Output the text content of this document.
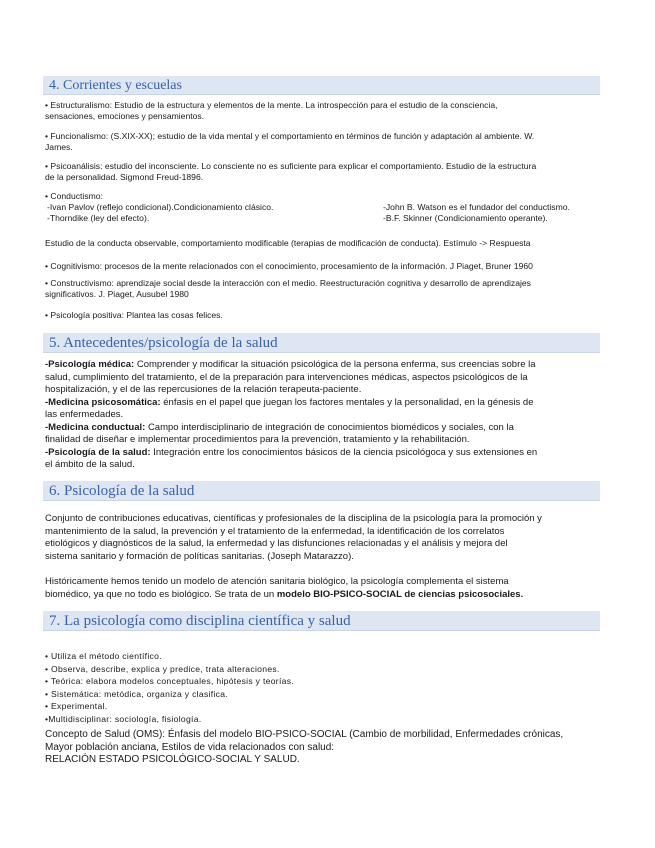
4. Corrientes y escuelas
• Estructuralismo: Estudio de la estructura y elementos de la mente. La introspección para el estudio de la consciencia,
sensaciones, emociones y pensamientos.
• Funcionalismo: (S.XIX-XX); estudio de la vida mental y el comportamiento en términos de función y adaptación al ambiente. W.
James.
• Psicoanálisis: estudio del inconsciente. Lo consciente no es suficiente para explicar el comportamiento. Estudio de la estructura
de la personalidad. Sigmond Freud-1896.
• Conductismo:
-Ivan Pavlov (reflejo condicional).Condicionamiento clásico.
-Thorndike (ley del efecto).
-John B. Watson es el fundador del conductismo.
-B.F. Skinner (Condicionamiento operante).
Estudio de la conducta observable, comportamiento modificable (terapias de modificación de conducta). Estímulo -> Respuesta
• Cognitivismo: procesos de la mente relacionados con el conocimiento, procesamiento de la información. J Piaget, Bruner 1960
• Constructivismo: aprendizaje social desde la interacción con el medio. Reestructuración cognitiva y desarrollo de aprendizajes
significativos. J. Piaget, Ausubel 1980
• Psicología positiva: Plantea las cosas felices.
5. Antecedentes/psicología de la salud
-Psicología médica: Comprender y modificar la situación psicológica de la persona enferma, sus creencias sobre la
salud, cumplimiento del tratamiento, el de la preparación para intervenciones médicas, aspectos psicológicos de la
hospitalización, y el de las repercusiones de la relación terapeuta-paciente.
-Medicina psicosomática: énfasis en el papel que juegan los factores mentales y la personalidad, en la génesis de
las enfermedades.
-Medicina conductual: Campo interdisciplinario de integración de conocimientos biomédicos y sociales, con la
finalidad de diseñar e implementar procedimientos para la prevención, tratamiento y la rehabilitación.
-Psicología de la salud: Integración entre los conocimientos básicos de la ciencia psicológoca y sus extensiones en
el ámbito de la salud.
6. Psicología de la salud
Conjunto de contribuciones educativas, científicas y profesionales de la disciplina de la psicología para la promoción y
mantenimiento de la salud, la prevención y el tratamiento de la enfermedad, la identificación de los correlatos
etiológicos y diagnósticos de la salud, la enfermedad y las disfunciones relacionadas y el análisis y mejora del
sistema sanitario y formación de políticas sanitarias. (Joseph Matarazzo).
Históricamente hemos tenido un modelo de atención sanitaria biológico, la psicología complementa el sistema
biomédico, ya que no todo es biológico. Se trata de un modelo BIO-PSICO-SOCIAL de ciencias psicosociales.
7. La psicología como disciplina científica y salud
• Utiliza el método científico.
• Observa, describe, explica y predice, trata alteraciones.
• Teórica: elabora modelos conceptuales, hipótesis y teorías.
• Sistemática: metódica, organiza y clasifica.
• Experimental.
•Multidisciplinar: sociología, fisiología.
Concepto de Salud (OMS): Énfasis del modelo BIO-PSICO-SOCIAL (Cambio de morbilidad, Enfermedades crónicas,
Mayor población anciana, Estilos de vida relacionados con salud:
RELACIÓN ESTADO PSICOLÓGICO-SOCIAL Y SALUD.
